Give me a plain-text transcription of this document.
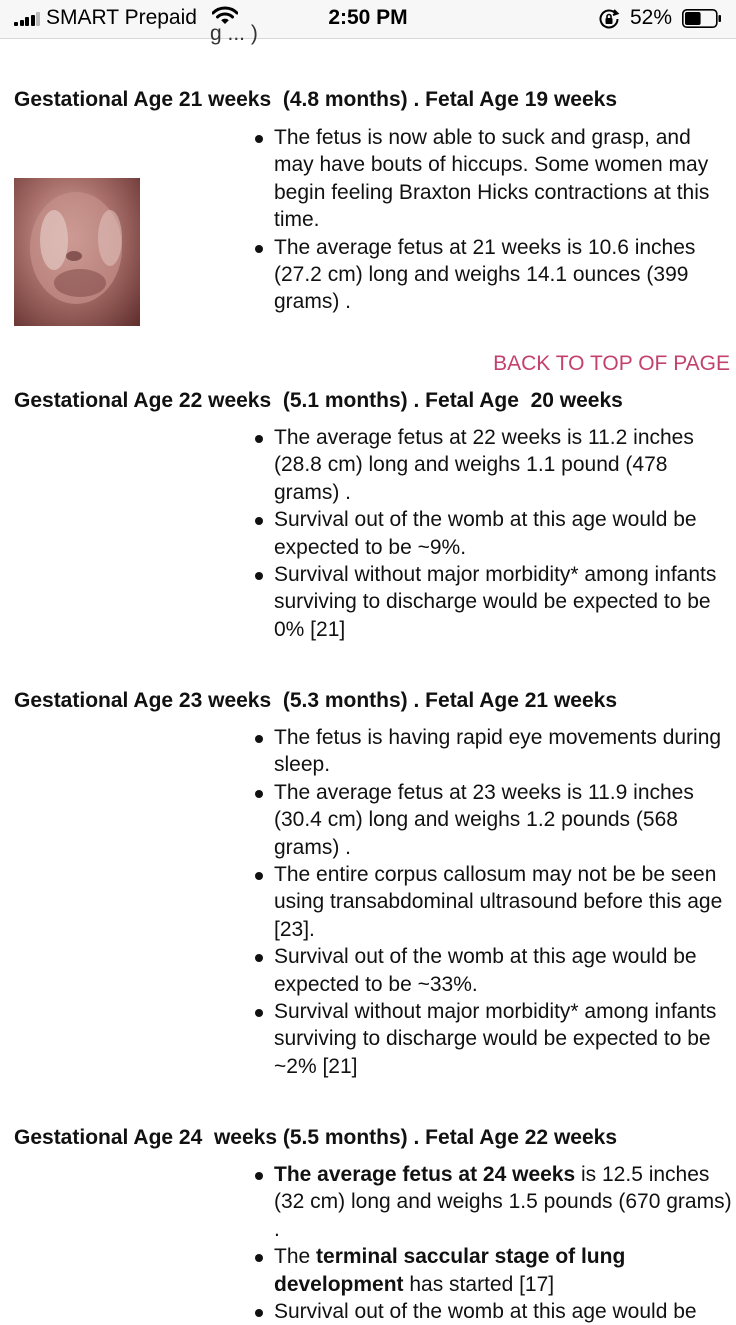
SMART Prepaid	2:50 PM	52%
g ... )
Gestational Age 21 weeks  (4.8 months) . Fetal Age 19 weeks
The fetus is now able to suck and grasp, and may have bouts of hiccups. Some women may begin feeling Braxton Hicks contractions at this time.
The average fetus at 21 weeks is 10.6 inches (27.2 cm) long and weighs 14.1 ounces (399 grams) .
BACK TO TOP OF PAGE
Gestational Age 22 weeks  (5.1 months) . Fetal Age  20 weeks
The average fetus at 22 weeks is 11.2 inches (28.8 cm) long and weighs 1.1 pound (478 grams) .
Survival out of the womb at this age would be expected to be ~9%.
Survival without major morbidity* among infants surviving to discharge would be expected to be 0% [21]
Gestational Age 23 weeks  (5.3 months) . Fetal Age 21 weeks
The fetus is having rapid eye movements during sleep.
The average fetus at 23 weeks is 11.9 inches (30.4 cm) long and weighs 1.2 pounds (568 grams) .
The entire corpus callosum may not be be seen using transabdominal ultrasound before this age [23].
Survival out of the womb at this age would be expected to be ~33%.
Survival without major morbidity* among infants surviving to discharge would be expected to be ~2% [21]
Gestational Age 24  weeks (5.5 months) . Fetal Age 22 weeks
The average fetus at 24 weeks is 12.5 inches (32 cm) long and weighs 1.5 pounds (670 grams) .
The terminal saccular stage of lung development has started [17]
Survival out of the womb at this age would be
